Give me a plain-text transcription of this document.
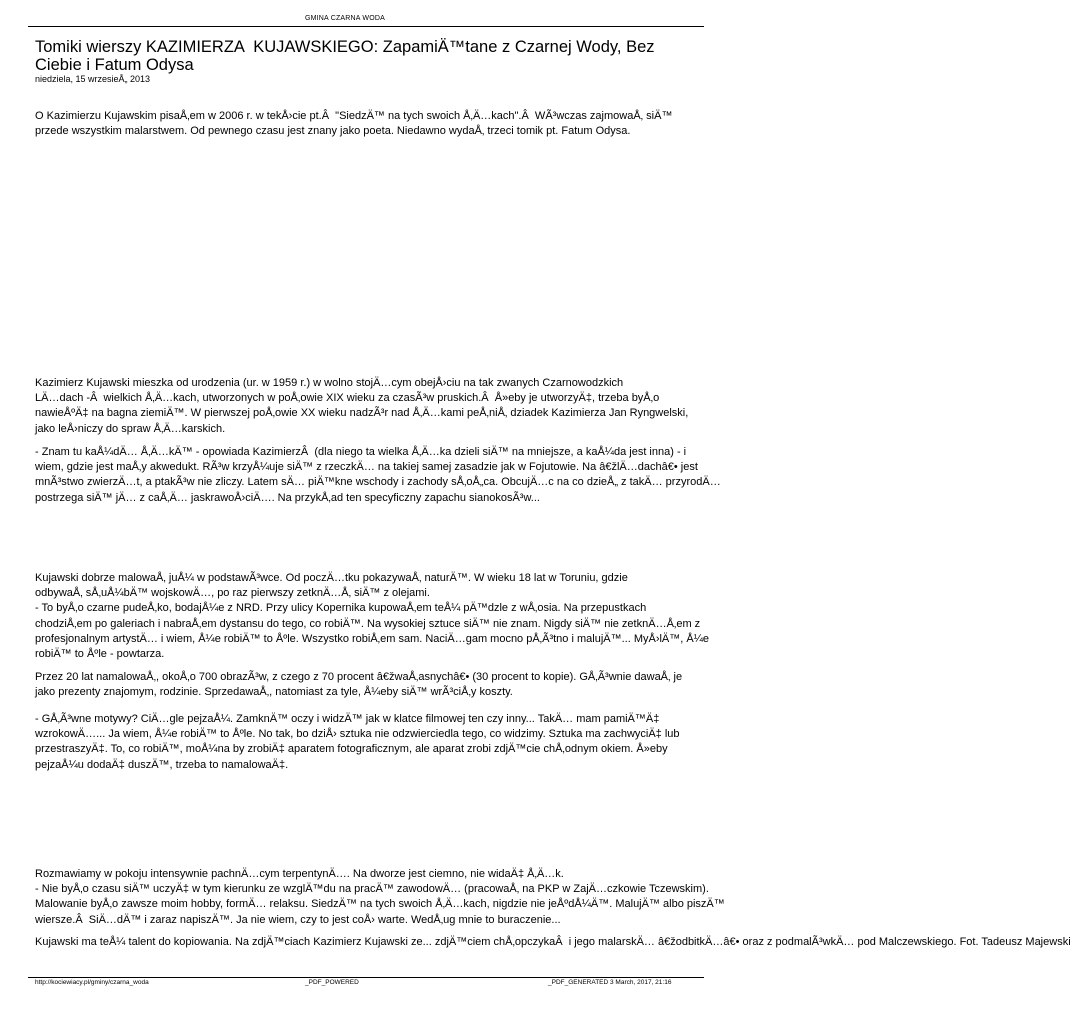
GMINA CZARNA WODA
Tomiki wierszy KAZIMIERZA  KUJAWSKIEGO: ZapamiÄ™tane z Czarnej Wody, Bez
Ciebie i Fatum Odysa
niedziela, 15 wrzesieÅ„ 2013

O Kazimierzu Kujawskim pisaÅ‚em w 2006 r. w tekÅ›cie pt.Â  "SiedzÄ™ na tych swoich Å‚Ä…kach".Â  WÃ³wczas zajmowaÅ‚ siÄ™
przede wszystkim malarstwem. Od pewnego czasu jest znany jako poeta. Niedawno wydaÅ‚ trzeci tomik pt. Fatum Odysa.

Kazimierz Kujawski mieszka od urodzenia (ur. w 1959 r.) w wolno stojÄ…cym obejÅ›ciu na tak zwanych Czarnowodzkich
LÄ…dach -Â  wielkich Å‚Ä…kach, utworzonych w poÅ‚owie XIX wieku za czasÃ³w pruskich.Â  Å»eby je utworzyÄ‡, trzeba byÅ‚o
nawieÅºÄ‡ na bagna ziemiÄ™. W pierwszej poÅ‚owie XX wieku nadzÃ³r nad Å‚Ä…kami peÅ‚niÅ‚ dziadek Kazimierza Jan Ryngwelski,
jako leÅ›niczy do spraw Å‚Ä…karskich.

- Znam tu kaÅ¼dÄ… Å‚Ä…kÄ™ - opowiada KazimierzÂ  (dla niego ta wielka Å‚Ä…ka dzieli siÄ™ na mniejsze, a kaÅ¼da jest inna) - i
wiem, gdzie jest maÅ‚y akwedukt. RÃ³w krzyÅ¼uje siÄ™ z rzeczkÄ… na takiej samej zasadzie jak w Fojutowie. Na â€žlÄ…dachâ€• jest
mnÃ³stwo zwierzÄ…t, a ptakÃ³w nie zliczy. Latem sÄ… piÄ™kne wschody i zachody sÅ‚oÅ„ca. ObcujÄ…c na co dzieÅ„ z takÄ… przyrodÄ…
postrzega siÄ™ jÄ… z caÅ‚Ä… jaskrawoÅ›ciÄ…. Na przykÅ‚ad ten specyficzny zapachu sianokosÃ³w...

Kujawski dobrze malowaÅ‚ juÅ¼ w podstawÃ³wce. Od poczÄ…tku pokazywaÅ‚ naturÄ™. W wieku 18 lat w Toruniu, gdzie
odbywaÅ‚ sÅ‚uÅ¼bÄ™ wojskowÄ…, po raz pierwszy zetknÄ…Å‚ siÄ™ z olejami.
- To byÅ‚o czarne pudeÅ‚ko, bodajÅ¼e z NRD. Przy ulicy Kopernika kupowaÅ‚em teÅ¼ pÄ™dzle z wÅ‚osia. Na przepustkach
chodziÅ‚em po galeriach i nabraÅ‚em dystansu do tego, co robiÄ™. Na wysokiej sztuce siÄ™ nie znam. Nigdy siÄ™ nie zetknÄ…Å‚em z
profesjonalnym artystÄ… i wiem, Å¼e robiÄ™ to Åºle. Wszystko robiÅ‚em sam. NaciÄ…gam mocno pÅ‚Ã³tno i malujÄ™... MyÅ›lÄ™, Å¼e
robiÄ™ to Åºle - powtarza.

Przez 20 lat namalowaÅ‚, okoÅ‚o 700 obrazÃ³w, z czego z 70 procent â€žwaÅ‚asnychâ€• (30 procent to kopie). GÅ‚Ã³wnie dawaÅ‚ je
jako prezenty znajomym, rodzinie. SprzedawaÅ‚, natomiast za tyle, Å¼eby siÄ™ wrÃ³ciÅ‚y koszty.

- GÅ‚Ã³wne motywy? CiÄ…gle pejzaÅ¼. ZamknÄ™ oczy i widzÄ™ jak w klatce filmowej ten czy inny... TakÄ… mam pamiÄ™Ä‡
wzrokowÄ…... Ja wiem, Å¼e robiÄ™ to Åºle. No tak, bo dziÅ› sztuka nie odzwierciedla tego, co widzimy. Sztuka ma zachwyciÄ‡ lub
przestraszyÄ‡. To, co robiÄ™, moÅ¼na by zrobiÄ‡ aparatem fotograficznym, ale aparat zrobi zdjÄ™cie chÅ‚odnym okiem. Å»eby
pejzaÅ¼u dodaÄ‡ duszÄ™, trzeba to namalowaÄ‡.

Rozmawiamy w pokoju intensywnie pachnÄ…cym terpentynÄ…. Na dworze jest ciemno, nie widaÄ‡ Å‚Ä…k.
- Nie byÅ‚o czasu siÄ™ uczyÄ‡ w tym kierunku ze wzglÄ™du na pracÄ™ zawodowÄ… (pracowaÅ‚ na PKP w ZajÄ…czkowie Tczewskim).
Malowanie byÅ‚o zawsze moim hobby, formÄ… relaksu. SiedzÄ™ na tych swoich Å‚Ä…kach, nigdzie nie jeÅºdÅ¼Ä™. MalujÄ™ albo piszÄ™
wiersze.Â  SiÄ…dÄ™ i zaraz napiszÄ™. Ja nie wiem, czy to jest coÅ› warte. WedÅ‚ug mnie to buraczenie...

Kujawski ma teÅ¼ talent do kopiowania. Na zdjÄ™ciach Kazimierz Kujawski ze... zdjÄ™ciem chÅ‚opczykaÂ  i jego malarskÄ… â€žodbitkÄ…â€• oraz z podmalÃ³wkÄ… pod Malczewskiego. Fot. Tadeusz Majewski

http://kociewiacy.pl/gminy/czarna_woda	_PDF_POWERED	_PDF_GENERATED 3 March, 2017, 21:16
